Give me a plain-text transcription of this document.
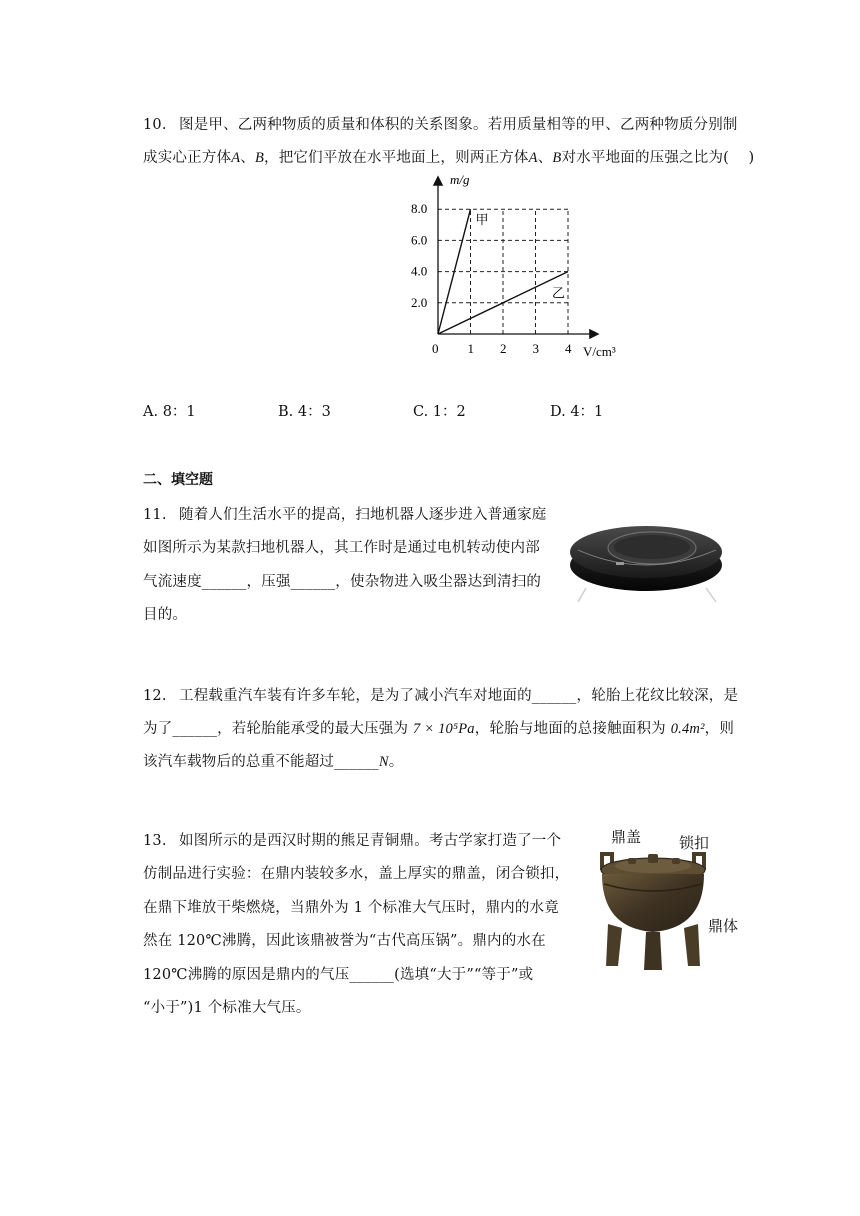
10. 图是甲、乙两种物质的质量和体积的关系图象。若用质量相等的甲、乙两种物质分别制
成实心正方体A、B，把它们平放在水平地面上，则两正方体A、B对水平地面的压强之比为(　 )
甲
乙
0 1 2 3 4
2.0
4.0
6.0
8.0
m/g
V/cm³
A. 8：1	B. 4：3	C. 1：2	D. 4：1
二、填空题
11. 随着人们生活水平的提高，扫地机器人逐步进入普通家庭
如图所示为某款扫地机器人，其工作时是通过电机转动使内部
气流速度______，压强______，使杂物进入吸尘器达到清扫的
目的。
12. 工程载重汽车装有许多车轮，是为了减小汽车对地面的______，轮胎上花纹比较深，是
为了______，若轮胎能承受的最大压强为 7 × 10⁵Pa，轮胎与地面的总接触面积为 0.4m²，则
该汽车载物后的总重不能超过______N。
13. 如图所示的是西汉时期的熊足青铜鼎。考古学家打造了一个
仿制品进行实验：在鼎内装较多水，盖上厚实的鼎盖，闭合锁扣，
在鼎下堆放干柴燃烧，当鼎外为 1 个标准大气压时，鼎内的水竟
然在 120℃沸腾，因此该鼎被誉为“古代高压锅”。鼎内的水在
120℃沸腾的原因是鼎内的气压______(选填“大于”“等于”或
“小于”)1 个标准大气压。
鼎盖	锁扣
鼎体
